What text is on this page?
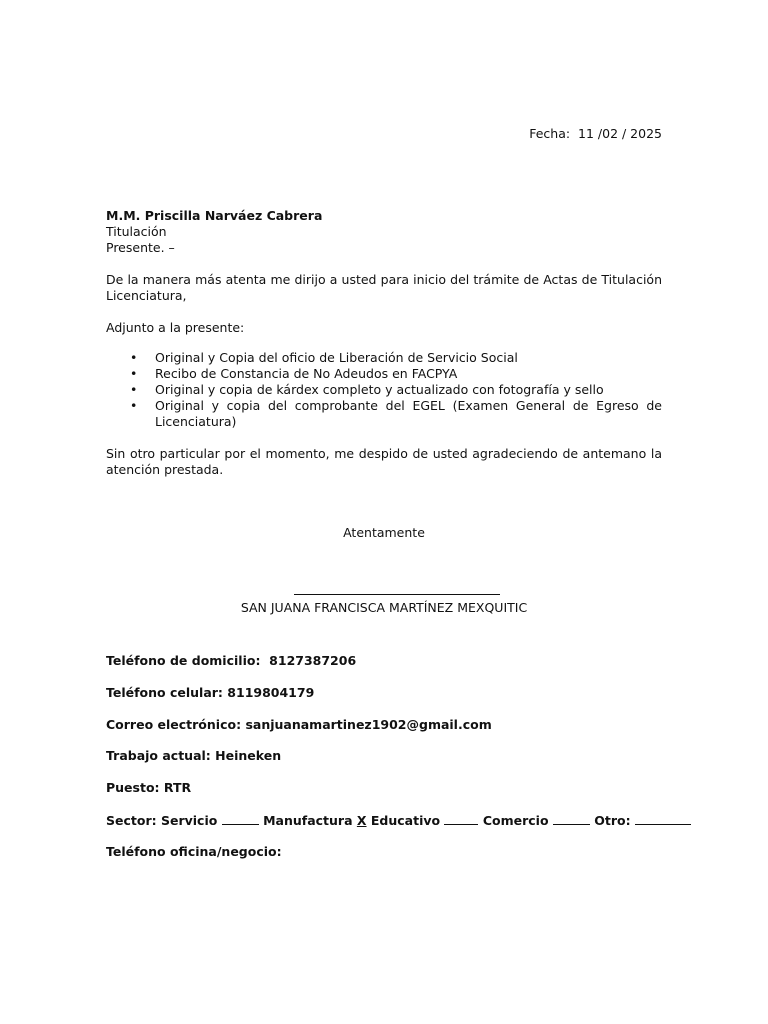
Fecha:  11 /02 / 2025
M.M. Priscilla Narváez Cabrera
Titulación
Presente. –
De la manera más atenta me dirijo a usted para inicio del trámite de Actas de Titulación Licenciatura,
Adjunto a la presente:
• Original y Copia del oficio de Liberación de Servicio Social
• Recibo de Constancia de No Adeudos en FACPYA
• Original y copia de kárdex completo y actualizado con fotografía y sello
• Original y copia del comprobante del EGEL (Examen General de Egreso de Licenciatura)
Sin otro particular por el momento, me despido de usted agradeciendo de antemano la atención prestada.
Atentamente
SAN JUANA FRANCISCA MARTÍNEZ MEXQUITIC
Teléfono de domicilio: 8127387206
Teléfono celular: 8119804179
Correo electrónico: sanjuanamartinez1902@gmail.com
Trabajo actual: Heineken
Puesto: RTR
Sector: Servicio	Manufactura X Educativo	Comercio	Otro:
Teléfono oficina/negocio:
